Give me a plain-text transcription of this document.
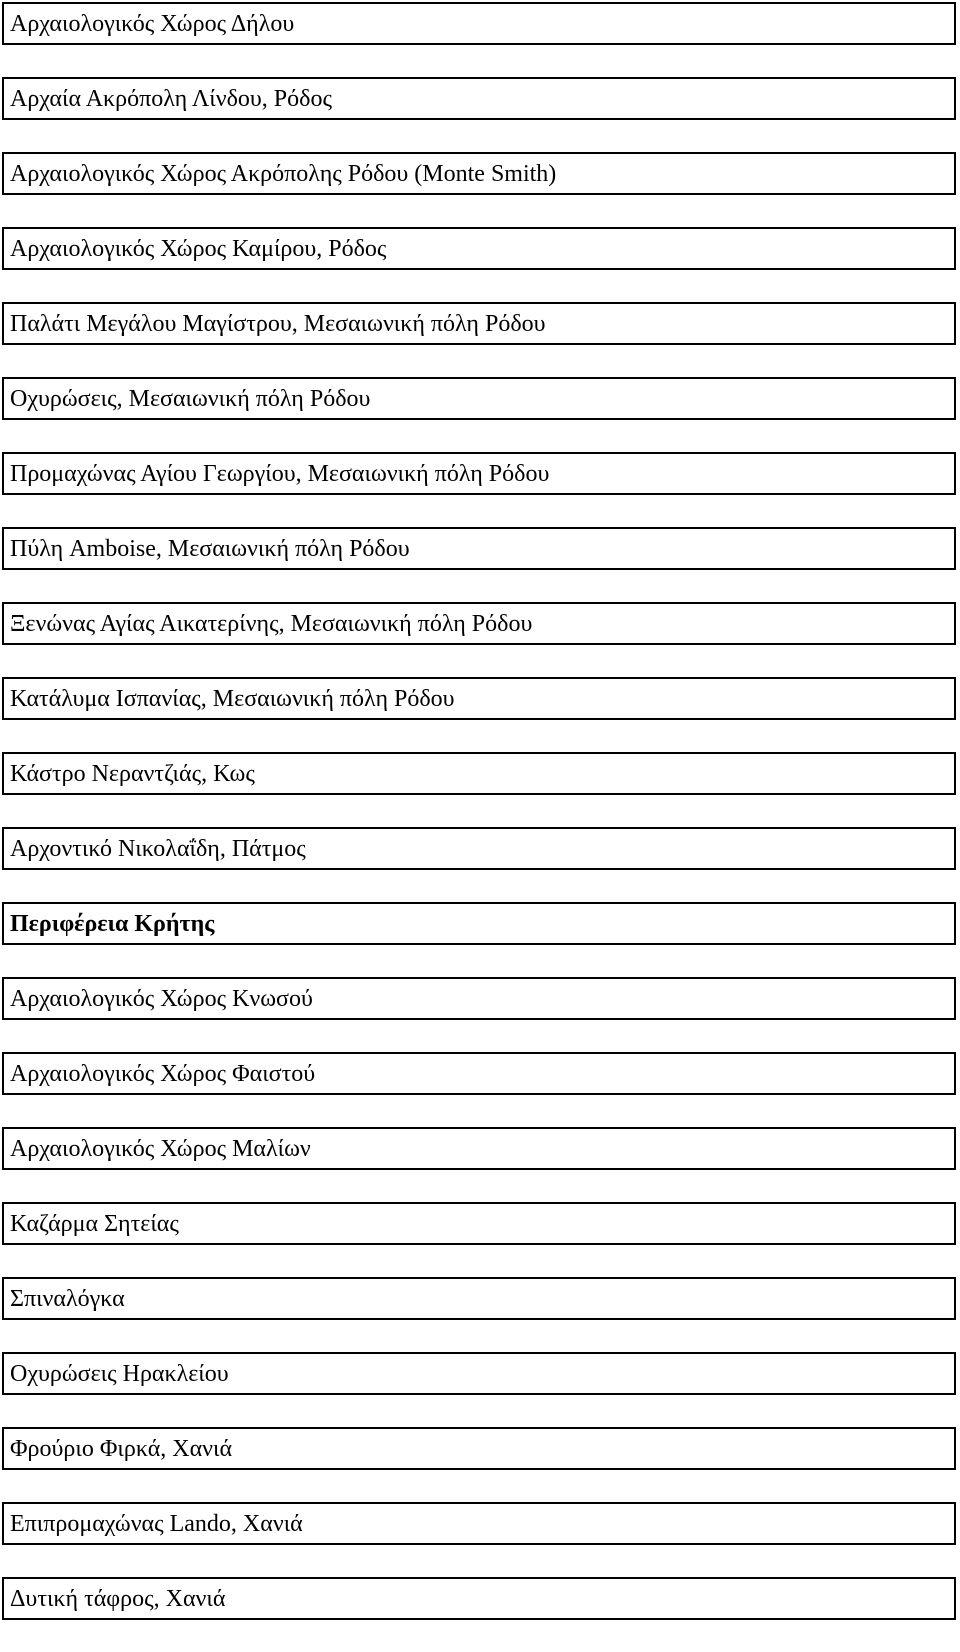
Αρχαιολογικός Χώρος Δήλου
Αρχαία Ακρόπολη Λίνδου, Ρόδος
Αρχαιολογικός Χώρος Ακρόπολης Ρόδου (Monte Smith)
Αρχαιολογικός Χώρος Καμίρου, Ρόδος
Παλάτι Μεγάλου Μαγίστρου, Μεσαιωνική πόλη Ρόδου
Οχυρώσεις, Μεσαιωνική πόλη Ρόδου
Προμαχώνας Αγίου Γεωργίου, Μεσαιωνική πόλη Ρόδου
Πύλη Amboise, Μεσαιωνική πόλη Ρόδου
Ξενώνας Αγίας Αικατερίνης, Μεσαιωνική πόλη Ρόδου
Κατάλυμα Ισπανίας, Μεσαιωνική πόλη Ρόδου
Κάστρο Νεραντζιάς, Κως
Αρχοντικό Νικολαΐδη, Πάτμος
Περιφέρεια Κρήτης
Αρχαιολογικός Χώρος Κνωσού
Αρχαιολογικός Χώρος Φαιστού
Αρχαιολογικός Χώρος Μαλίων
Καζάρμα Σητείας
Σπιναλόγκα
Οχυρώσεις Ηρακλείου
Φρούριο Φιρκά, Χανιά
Επιπρομαχώνας Lando, Χανιά
Δυτική τάφρος, Χανιά
